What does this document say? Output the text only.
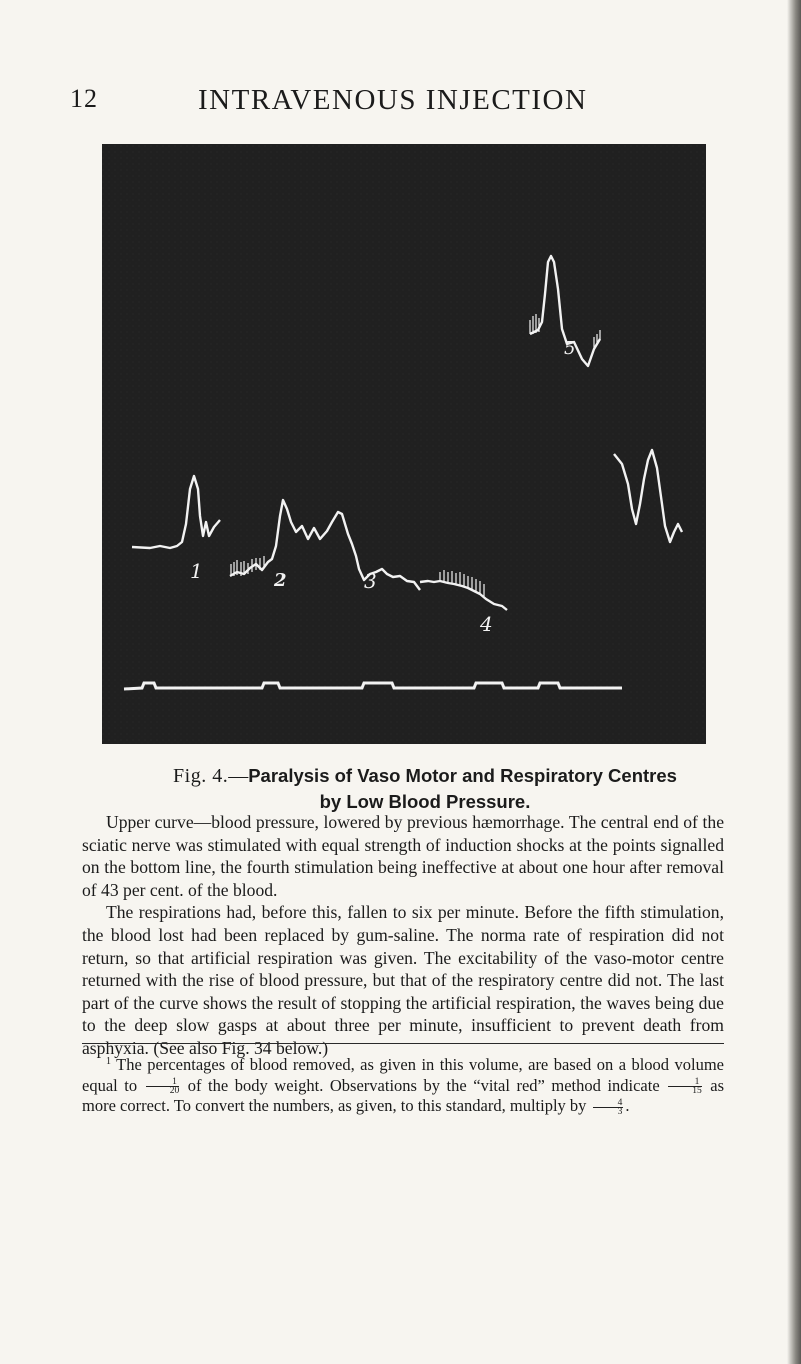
12	INTRAVENOUS INJECTION
1	2	3
4
5
Fig. 4.—Paralysis of Vaso Motor and Respiratory Centres
by Low Blood Pressure.

Upper curve—blood pressure, lowered by previous hæmorrhage. The central end of the sciatic nerve was stimulated with equal strength of induction shocks at the points signalled on the bottom line, the fourth stimulation being ineffective at about one hour after removal of 43 per cent. of the blood.

The respirations had, before this, fallen to six per minute. Before the fifth stimulation, the blood lost had been replaced by gum-saline. The norma rate of respiration did not return, so that artificial respiration was given. The excitability of the vaso-motor centre returned with the rise of blood pressure, but that of the respiratory centre did not. The last part of the curve shows the result of stopping the artificial respiration, the waves being due to the deep slow gasps at about three per minute, insufficient to prevent death from asphyxia. (See also Fig. 34 below.)

$^1$ The percentages of blood removed, as given in this volume, are based on a blood volume equal to $\frac{1}{20}$ of the body weight. Observations by the “vital red” method indicate $\frac{1}{15}$ as more correct. To convert the numbers, as given, to this standard, multiply by $\frac{4}{3}$ .
